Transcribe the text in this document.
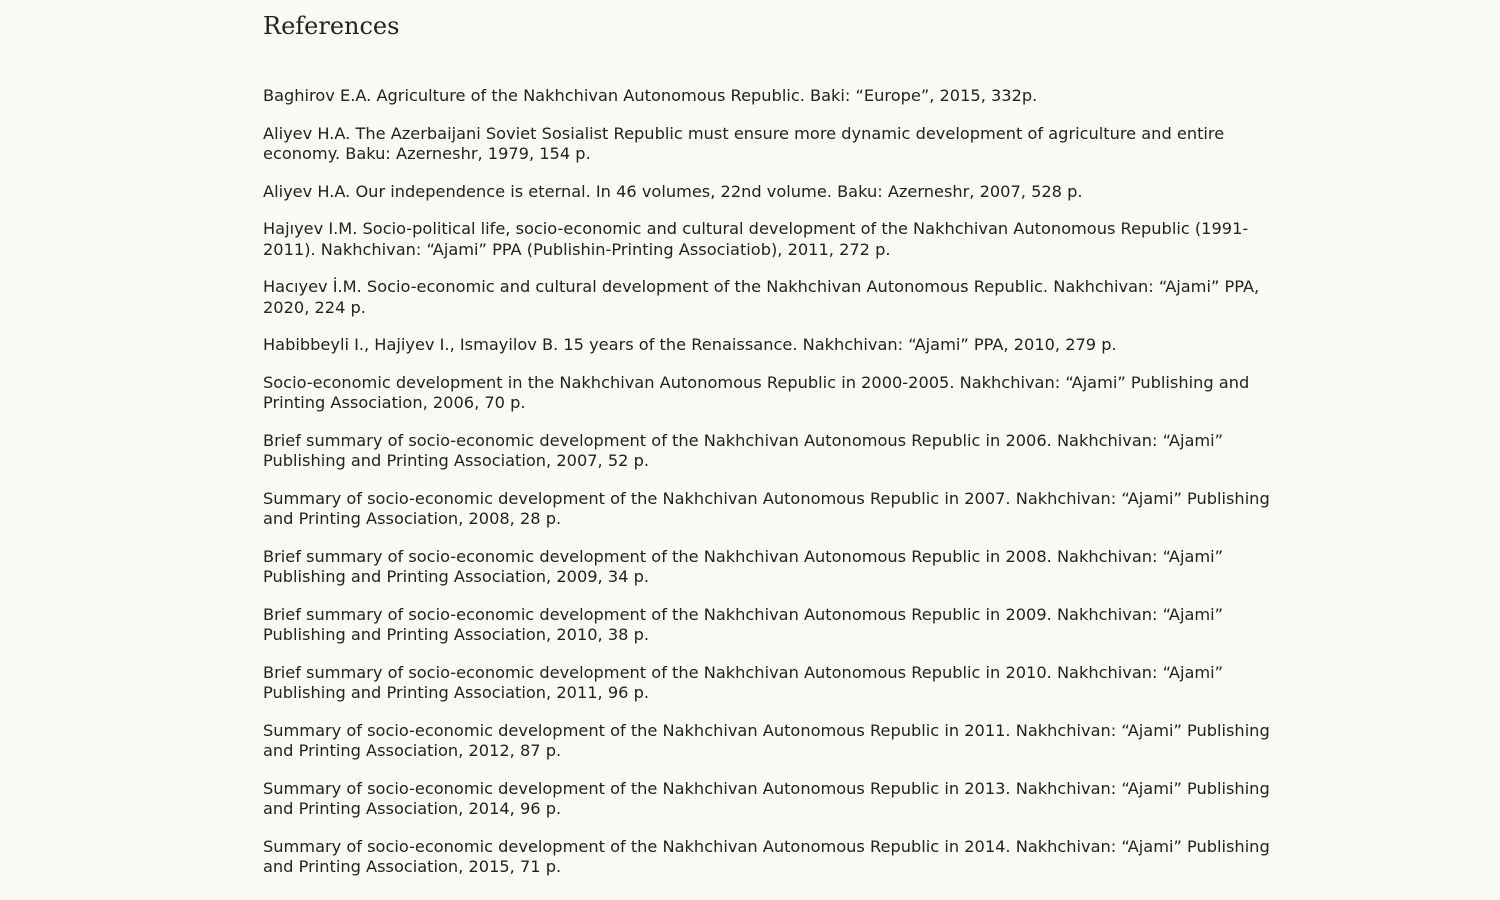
References
Baghirov E.A. Agriculture of the Nakhchivan Autonomous Republic. Baki: “Europe”, 2015, 332p.
Aliyev H.A. The Azerbaijani Soviet Sosialist Republic must ensure more dynamic development of agriculture and entire economy. Baku: Azerneshr, 1979, 154 p.
Aliyev H.A. Our independence is eternal. In 46 volumes, 22nd volume. Baku: Azerneshr, 2007, 528 p.
Hajıyev I.M. Socio-political life, socio-economic and cultural development of the Nakhchivan Autonomous Republic (1991-2011). Nakhchivan: “Ajami” PPA (Publishin-Printing Associatiob), 2011, 272 p.
Hacıyev İ.M. Socio-economic and cultural development of the Nakhchivan Autonomous Republic. Nakhchivan: “Ajami” PPA, 2020, 224 p.
Habibbeyli I., Hajiyev I., Ismayilov B. 15 years of the Renaissance. Nakhchivan: “Ajami” PPA, 2010, 279 p.
Socio-economic development in the Nakhchivan Autonomous Republic in 2000-2005. Nakhchivan: “Ajami” Publishing and Printing Association, 2006, 70 p.
Brief summary of socio-economic development of the Nakhchivan Autonomous Republic in 2006. Nakhchivan: “Ajami” Publishing and Printing Association, 2007, 52 p.
Summary of socio-economic development of the Nakhchivan Autonomous Republic in 2007. Nakhchivan: “Ajami” Publishing and Printing Association, 2008, 28 p.
Brief summary of socio-economic development of the Nakhchivan Autonomous Republic in 2008. Nakhchivan: “Ajami” Publishing and Printing Association, 2009, 34 p.
Brief summary of socio-economic development of the Nakhchivan Autonomous Republic in 2009. Nakhchivan: “Ajami” Publishing and Printing Association, 2010, 38 p.
Brief summary of socio-economic development of the Nakhchivan Autonomous Republic in 2010. Nakhchivan: “Ajami” Publishing and Printing Association, 2011, 96 p.
Summary of socio-economic development of the Nakhchivan Autonomous Republic in 2011. Nakhchivan: “Ajami” Publishing and Printing Association, 2012, 87 p.
Summary of socio-economic development of the Nakhchivan Autonomous Republic in 2013. Nakhchivan: “Ajami” Publishing and Printing Association, 2014, 96 p.
Summary of socio-economic development of the Nakhchivan Autonomous Republic in 2014. Nakhchivan: “Ajami” Publishing and Printing Association, 2015, 71 p.
